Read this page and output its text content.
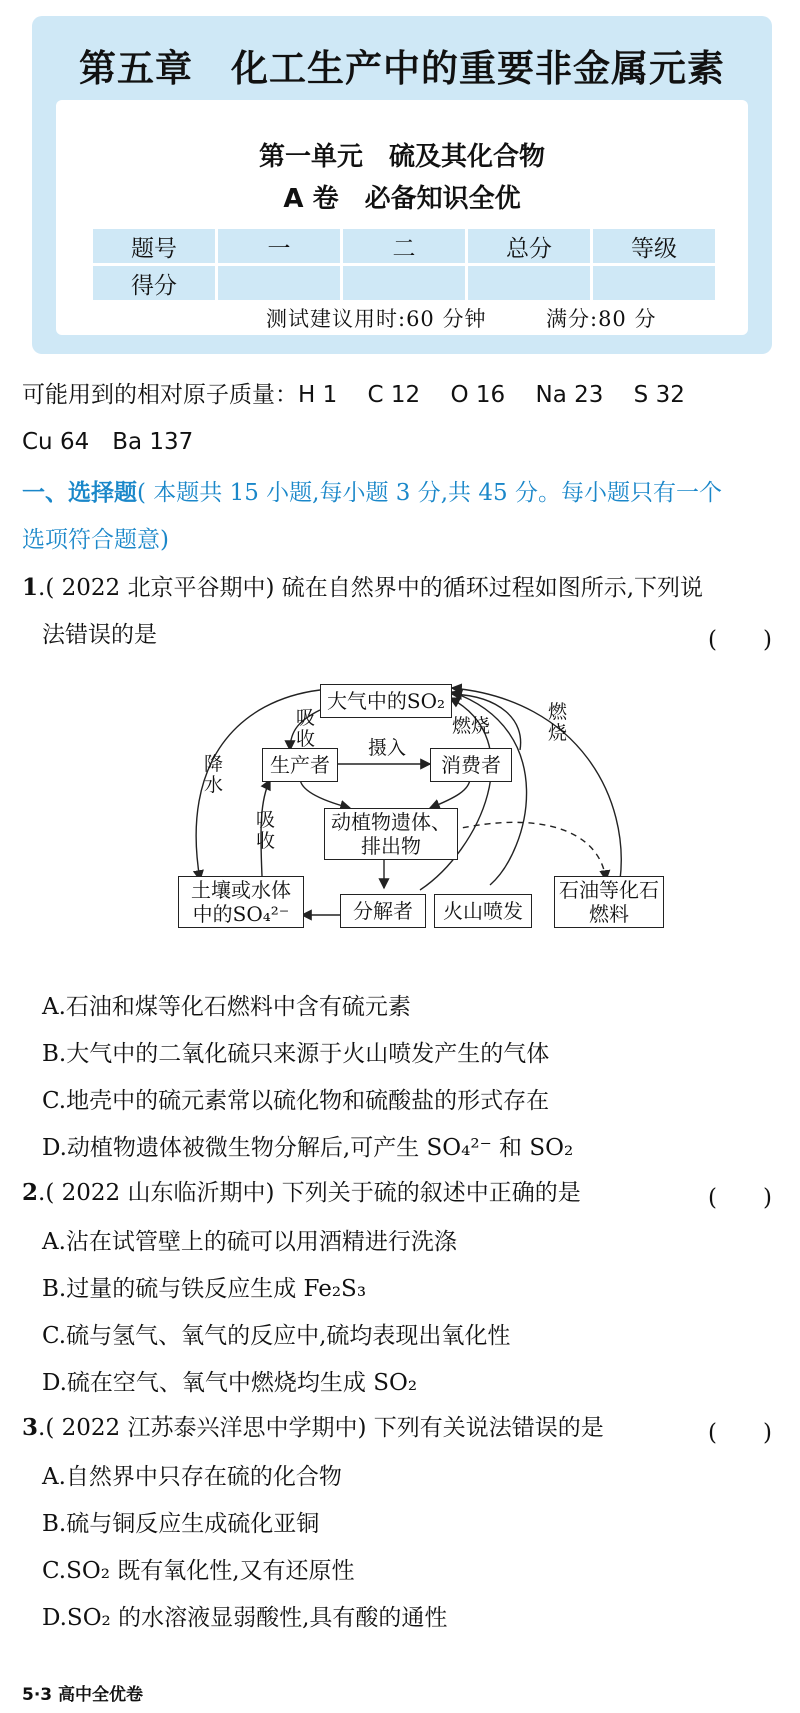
第五章　化工生产中的重要非金属元素
第一单元　硫及其化合物
A 卷　必备知识全优
题号	一	二	总分	等级
得分				
测试建议用时:60 分钟	满分:80 分
可能用到的相对原子质量：H 1　 C 12　 O 16　 Na 23　 S 32
Cu 64　Ba 137
一、选择题( 本题共 15 小题,每小题 3 分,共 45 分。每小题只有一个
选项符合题意)
1.( 2022 北京平谷期中) 硫在自然界中的循环过程如图所示,下列说
法错误的是	(　　)
大气中的SO₂
生产者	消费者
动植物遗体、排出物
土壤或水体中的SO₄²⁻	分解者	火山喷发
石油等化石燃料
吸收
降水
摄入
燃烧
燃烧
吸收
A.石油和煤等化石燃料中含有硫元素
B.大气中的二氧化硫只来源于火山喷发产生的气体
C.地壳中的硫元素常以硫化物和硫酸盐的形式存在
D.动植物遗体被微生物分解后,可产生 SO₄²⁻ 和 SO₂
2.( 2022 山东临沂期中) 下列关于硫的叙述中正确的是	(　　)
A.沾在试管壁上的硫可以用酒精进行洗涤
B.过量的硫与铁反应生成 Fe₂S₃
C.硫与氢气、氧气的反应中,硫均表现出氧化性
D.硫在空气、氧气中燃烧均生成 SO₂
3.( 2022 江苏泰兴洋思中学期中) 下列有关说法错误的是	(　　)
A.自然界中只存在硫的化合物
B.硫与铜反应生成硫化亚铜
C.SO₂ 既有氧化性,又有还原性
D.SO₂ 的水溶液显弱酸性,具有酸的通性
5·3 高中全优卷
